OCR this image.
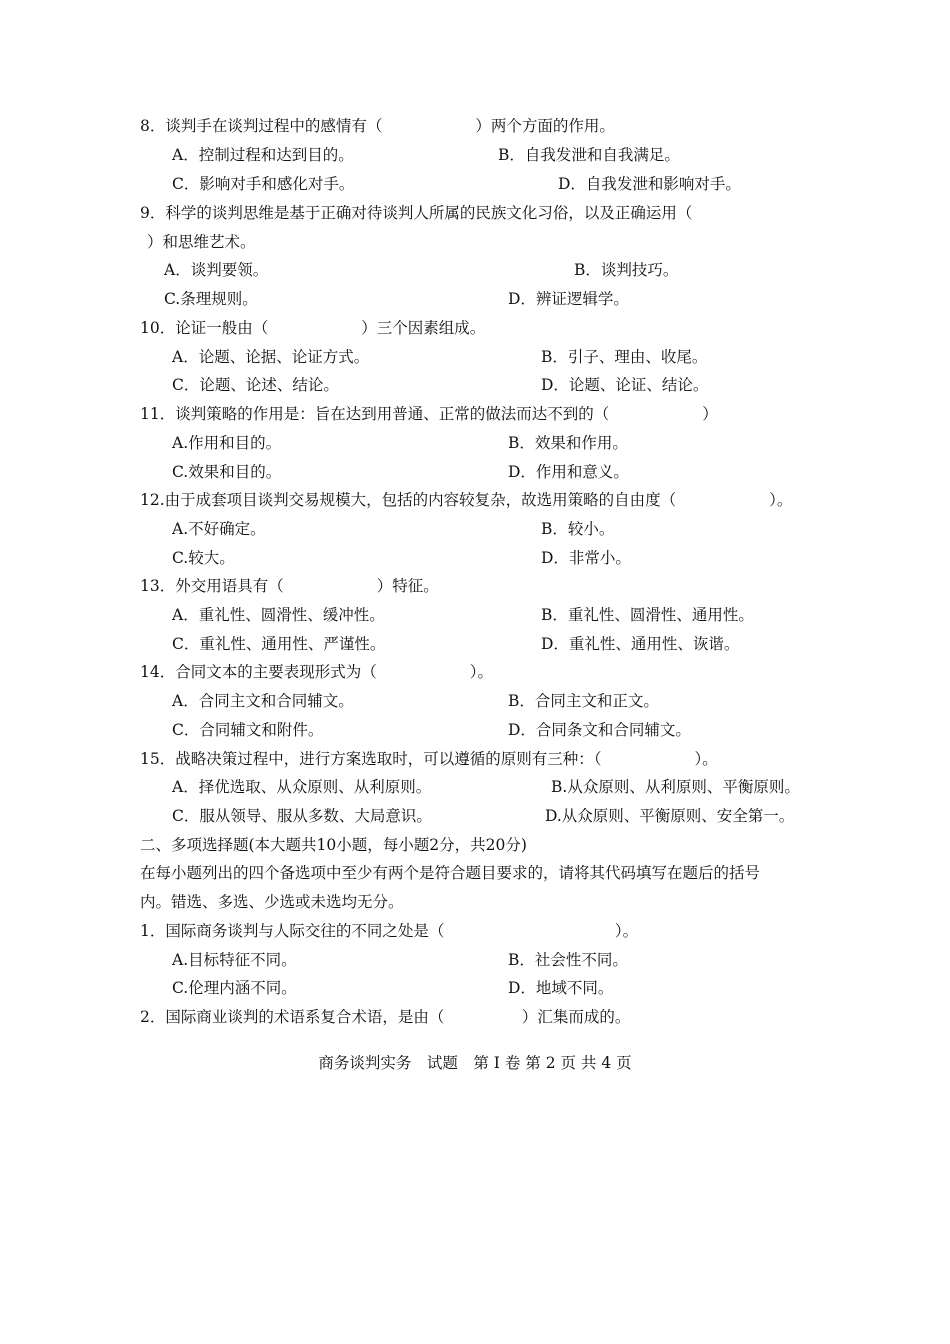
8．谈判手在谈判过程中的感情有（　　　　　　）两个方面的作用。
A．控制过程和达到目的。	B．自我发泄和自我满足。
C．影响对手和感化对手。	D．自我发泄和影响对手。
9．科学的谈判思维是基于正确对待谈判人所属的民族文化习俗，以及正确运用（
）和思维艺术。
A．谈判要领。	B．谈判技巧。
C.条理规则。	D．辨证逻辑学。
10．论证一般由（　　　　　　）三个因素组成。
A．论题、论据、论证方式。	B．引子、理由、收尾。
C．论题、论述、结论。	D．论题、论证、结论。
11．谈判策略的作用是：旨在达到用普通、正常的做法而达不到的（　　　　　　）
A.作用和目的。	B．效果和作用。
C.效果和目的。	D．作用和意义。
12.由于成套项目谈判交易规模大，包括的内容较复杂，故选用策略的自由度（　　　　　　）。
A.不好确定。	B．较小。
C.较大。	D．非常小。
13．外交用语具有（　　　　　　）特征。
A．重礼性、圆滑性、缓冲性。	B．重礼性、圆滑性、通用性。
C．重礼性、通用性、严谨性。	D．重礼性、通用性、诙谐。
14．合同文本的主要表现形式为（　　　　　　）。
A．合同主文和合同辅文。	B．合同主文和正文。
C．合同辅文和附件。	D．合同条文和合同辅文。
15．战略决策过程中，进行方案选取时，可以遵循的原则有三种：（　　　　　　）。
A．择优选取、从众原则、从利原则。	B.从众原则、从利原则、平衡原则。
C．服从领导、服从多数、大局意识。	D.从众原则、平衡原则、安全第一。
二、多项选择题(本大题共10小题，每小题2分，共20分)
在每小题列出的四个备选项中至少有两个是符合题目要求的，请将其代码填写在题后的括号
内。错选、多选、少选或未选均无分。
1．国际商务谈判与人际交往的不同之处是（　　　　　　　　　　　）。
A.目标特征不同。	B．社会性不同。
C.伦理内涵不同。	D．地域不同。
2．国际商业谈判的术语系复合术语，是由（　　　　　）汇集而成的。
商务谈判实务　试题　第 I 卷 第 2 页 共 4 页
